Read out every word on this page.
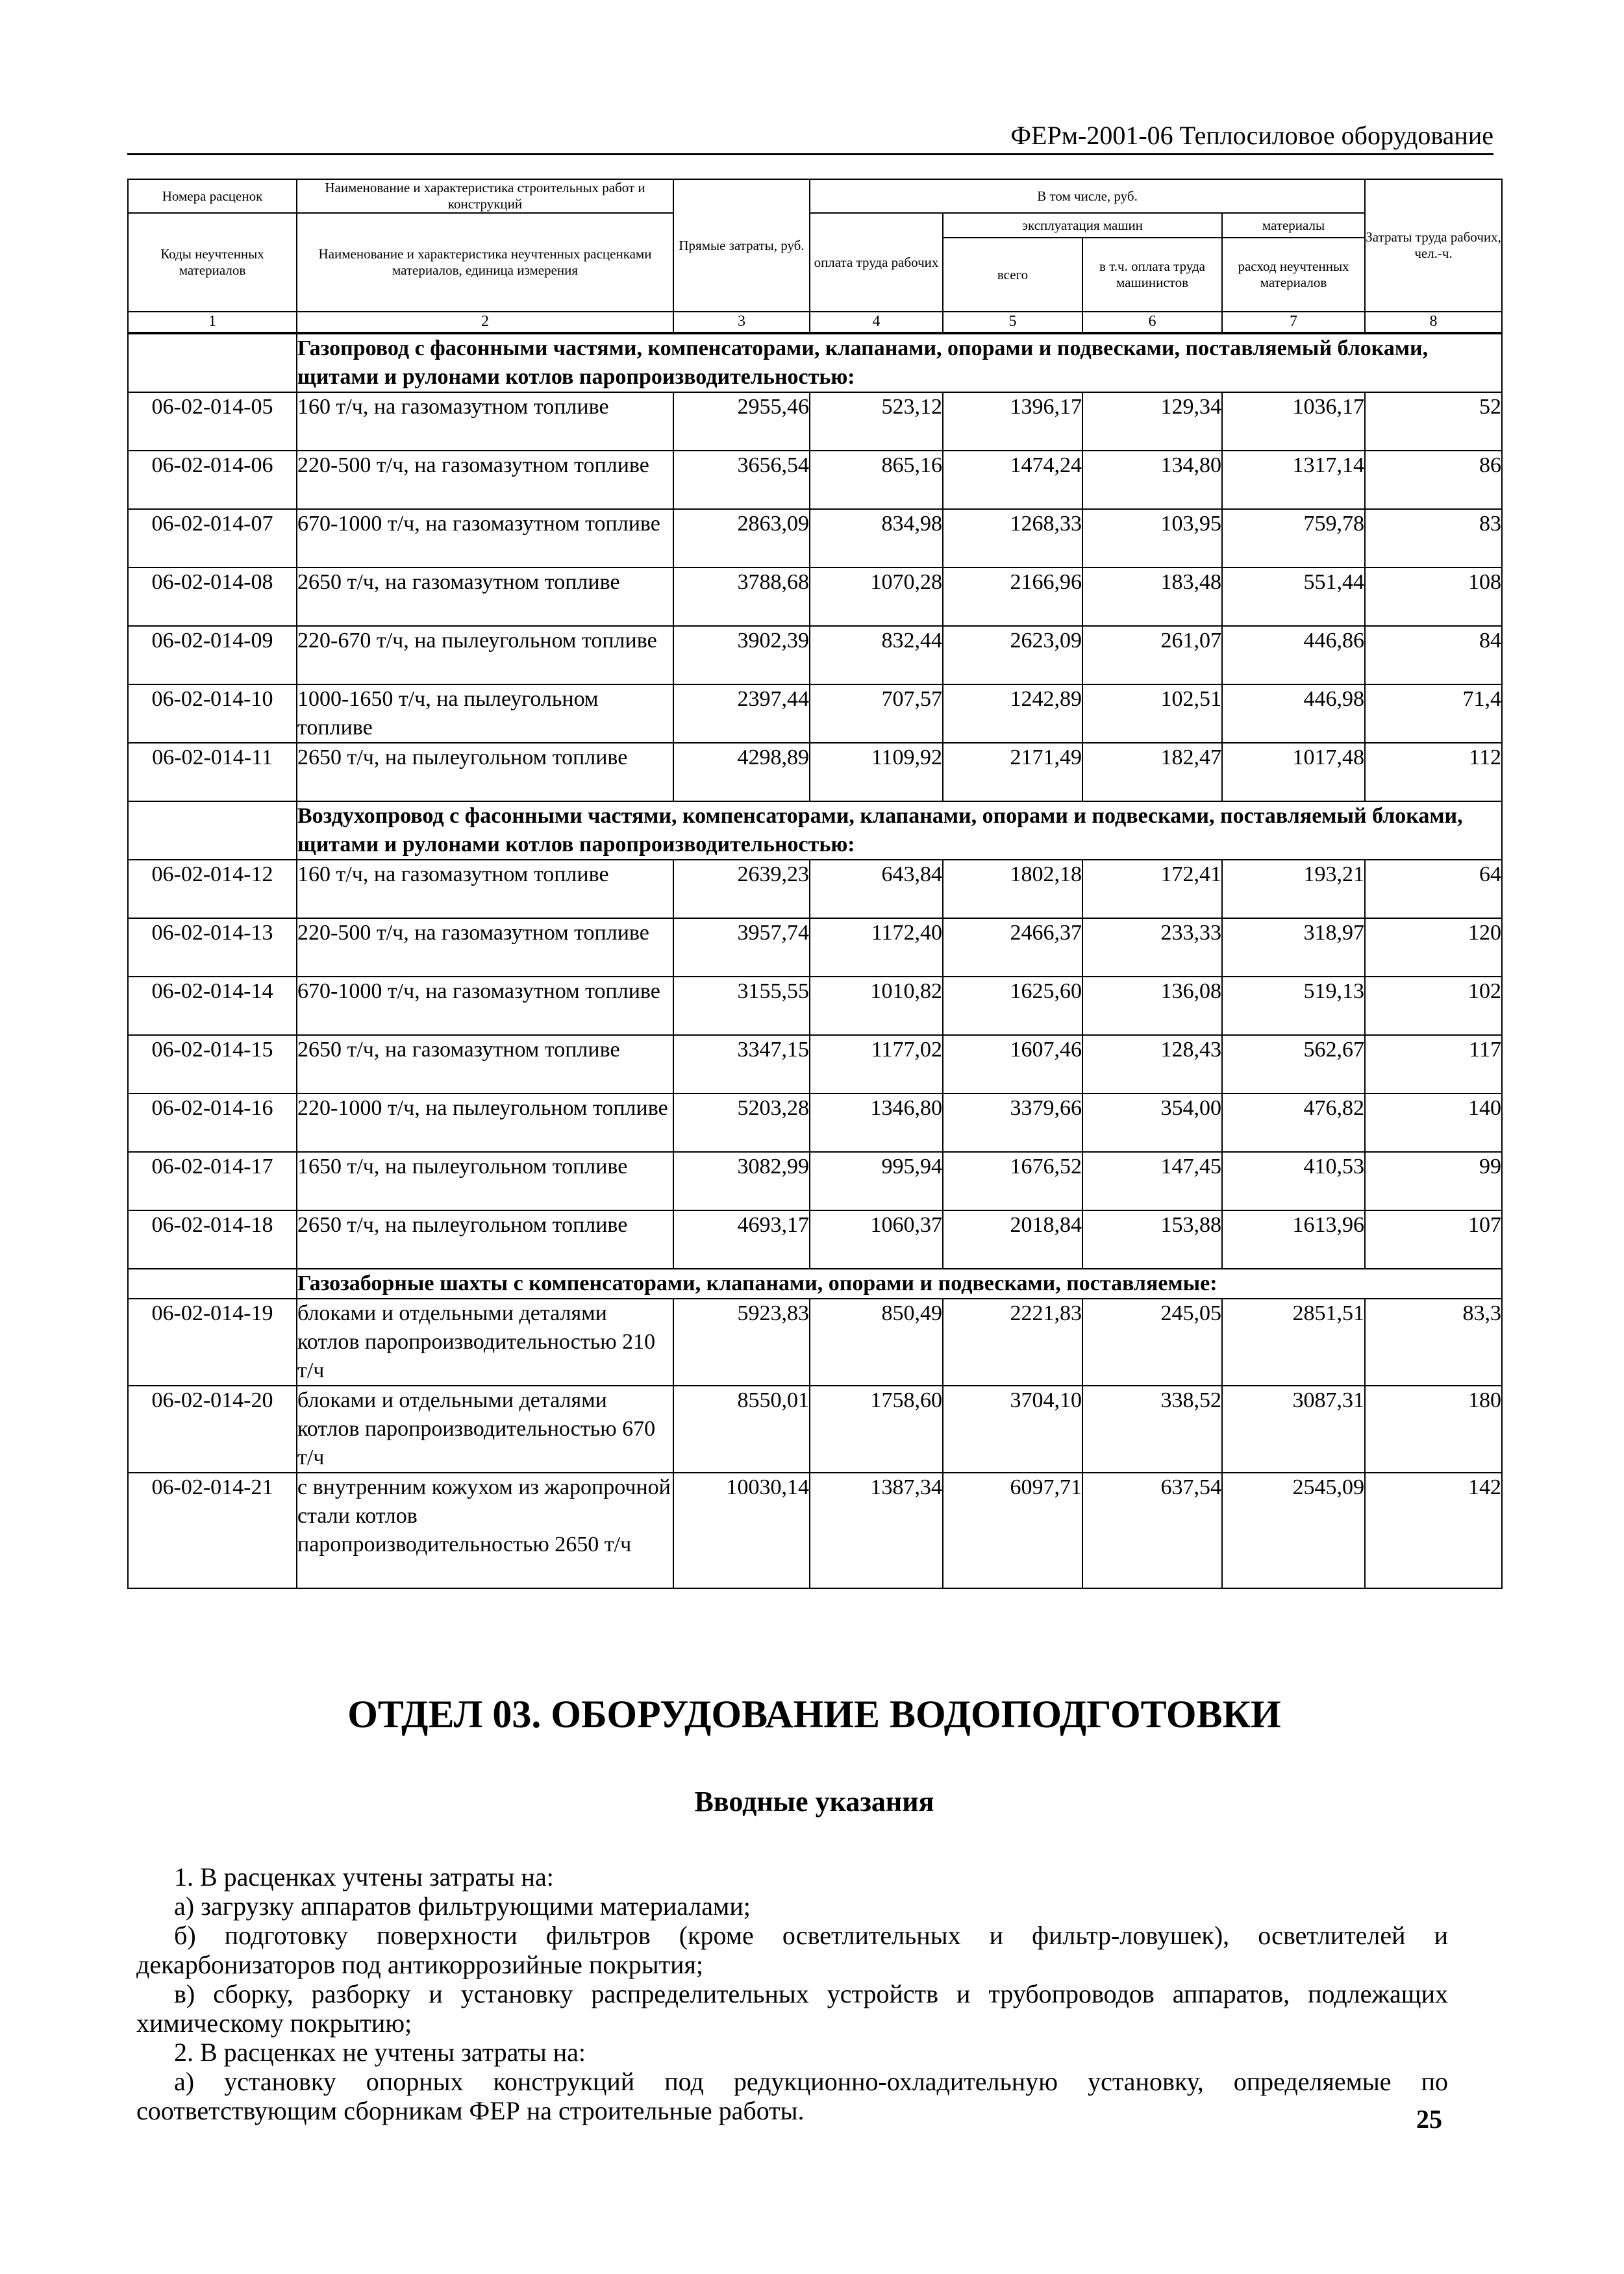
ФЕРм-2001-06 Теплосиловое оборудование
Номера расценок	Наименование и характеристика строительных работ и конструкций	Прямые затраты, руб.	В том числе, руб.				Затраты труда рабочих, чел.-ч.
Коды неучтенных материалов	Наименование и характеристика неучтенных расценками материалов, единица измерения		оплата труда рабочих	эксплуатация машин		материалы	
				всего	в т.ч. оплата труда машинистов	расход неучтенных материалов	
1	2	3	4	5	6	7	8
	Газопровод с фасонными частями, компенсаторами, клапанами, опорами и подвесками, поставляемый блоками, щитами и рулонами котлов паропроизводительностью:						
06-02-014-05	160 т/ч, на газомазутном топливе	2955,46	523,12	1396,17	129,34	1036,17	52
06-02-014-06	220-500 т/ч, на газомазутном топливе	3656,54	865,16	1474,24	134,80	1317,14	86
06-02-014-07	670-1000 т/ч, на газомазутном топливе	2863,09	834,98	1268,33	103,95	759,78	83
06-02-014-08	2650 т/ч, на газомазутном топливе	3788,68	1070,28	2166,96	183,48	551,44	108
06-02-014-09	220-670 т/ч, на пылеугольном топливе	3902,39	832,44	2623,09	261,07	446,86	84
06-02-014-10	1000-1650 т/ч, на пылеугольном топливе	2397,44	707,57	1242,89	102,51	446,98	71,4
06-02-014-11	2650 т/ч, на пылеугольном топливе	4298,89	1109,92	2171,49	182,47	1017,48	112
	Воздухопровод с фасонными частями, компенсаторами, клапанами, опорами и подвесками, поставляемый блоками, щитами и рулонами котлов паропроизводительностью:						
06-02-014-12	160 т/ч, на газомазутном топливе	2639,23	643,84	1802,18	172,41	193,21	64
06-02-014-13	220-500 т/ч, на газомазутном топливе	3957,74	1172,40	2466,37	233,33	318,97	120
06-02-014-14	670-1000 т/ч, на газомазутном топливе	3155,55	1010,82	1625,60	136,08	519,13	102
06-02-014-15	2650 т/ч, на газомазутном топливе	3347,15	1177,02	1607,46	128,43	562,67	117
06-02-014-16	220-1000 т/ч, на пылеугольном топливе	5203,28	1346,80	3379,66	354,00	476,82	140
06-02-014-17	1650 т/ч, на пылеугольном топливе	3082,99	995,94	1676,52	147,45	410,53	99
06-02-014-18	2650 т/ч, на пылеугольном топливе	4693,17	1060,37	2018,84	153,88	1613,96	107
	Газозаборные шахты с компенсаторами, клапанами, опорами и подвесками, поставляемые:						
06-02-014-19	блоками и отдельными деталями котлов паропроизводительностью 210 т/ч	5923,83	850,49	2221,83	245,05	2851,51	83,3
06-02-014-20	блоками и отдельными деталями котлов паропроизводительностью 670 т/ч	8550,01	1758,60	3704,10	338,52	3087,31	180
06-02-014-21	с внутренним кожухом из жаропрочной стали котлов паропроизводительностью 2650 т/ч	10030,14	1387,34	6097,71	637,54	2545,09	142
ОТДЕЛ 03. ОБОРУДОВАНИЕ ВОДОПОДГОТОВКИ
Вводные указания

1. В расценках учтены затраты на:

а) загрузку аппаратов фильтрующими материалами;

б) подготовку поверхности фильтров (кроме осветлительных и фильтр-ловушек), осветлителей и декарбонизаторов под антикоррозийные покрытия;

в) сборку, разборку и установку распределительных устройств и трубопроводов аппаратов, подлежащих химическому покрытию;

2. В расценках не учтены затраты на:

а) установку опорных конструкций под редукционно-охладительную установку, определяемые по соответствующим сборникам ФЕР на строительные работы.	25
